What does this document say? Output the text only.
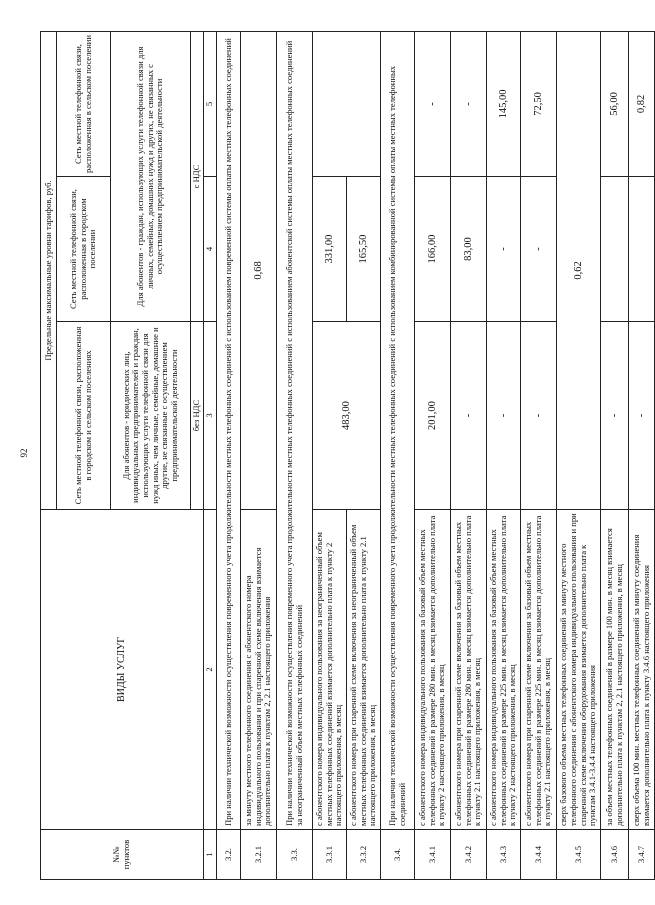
92
№№ пунктов	ВИДЫ УСЛУГ	Предельные максимальные уровни тарифов, руб.		
		Сеть местной телефонной связи, расположенная в городском и сельском поселениях	Сеть местной телефонной связи, расположенная в городском поселении	Сеть местной телефонной связи, расположенная в сельском поселении
		Для абонентов - юридических лиц, индивидуальных предпринимателей и граждан, использующих услуги телефонной связи для нужд иных, чем личные, семейные, домашние и другие, не связанные с осуществлением предпринимательской деятельности	Для абонентов - граждан, использующих услуги телефонной связи для личных, семейных, домашних нужд и других, не связанных с осуществлением предпринимательской деятельности	
		без НДС	с НДС	
1	2	3	4	5
3.2.	При наличии технической возможности осуществления повременного учета продолжительности местных телефонных соединений с использованием повременной системы оплаты местных телефонных соединений			
3.2.1	за минуту местного телефонного соединения с абонентского номера индивидуального пользования и при спаренной схеме включения взимается дополнительно плата к пунктам 2, 2.1 настоящего приложения	0,68		
3.3.	При наличии технической возможности осуществления повременного учета продолжительности местных телефонных соединений с использованием абонентской системы оплаты местных телефонных соединений за неограниченный объем местных телефонных соединений			
3.3.1	с абонентского номера индивидуального пользования за неограниченный объем местных телефонных соединений взимается дополнительно плата к пункту 2 настоящего приложения, в месяц	483,00	331,00	
3.3.2	с абонентского номера при спаренной схеме включения за неограниченный объем местных телефонных соединений взимается дополнительно плата к пункту 2.1 настоящего приложения, в месяц		165,50	
3.4.	При наличии технической возможности осуществления повременного учета продолжительности местных телефонных соединений с использованием комбинированной системы оплаты местных телефонных соединений			
3.4.1	с абонентского номера индивидуального пользования за базовый объем местных телефонных соединений в размере 280 мин. в месяц взимается дополнительно плата к пункту 2 настоящего приложения, в месяц	201,00	166,00	-
3.4.2	с абонентского номера при спаренной схеме включения за базовый объем местных телефонных соединений в размере 280 мин. в месяц взимается дополнительно плата к пункту 2.1 настоящего приложения, в месяц	-	83,00	-
3.4.3	с абонентского номера индивидуального пользования за базовый объем местных телефонных соединений в размере 225 мин. в месяц взимается дополнительно плата к пункту 2 настоящего приложения, в месяц	-	-	145,00
3.4.4	с абонентского номера при спаренной схеме включения за базовый объем местных телефонных соединений в размере 225 мин. в месяц взимается дополнительно плата к пункту 2.1 настоящего приложения, в месяц	-	-	72,50
3.4.5	сверх базового объема местных телефонных соединений за минуту местного телефонного соединения с абонентского номера индивидуального пользования и при спаренной схеме включения оборудования взимается дополнительно плата к пунктам 3.4.1-3.4.4 настоящего приложения	0,62		
3.4.6	за объем местных телефонных соединений в размере 100 мин. в месяц взимается дополнительно плата к пунктам 2, 2.1 настоящего приложения, в месяц	-		56,00
3.4.7	сверх объема 100 мин. местных телефонных соединений за минуту соединения взимается дополнительно плата к пункту 3.4.6 настоящего приложения	-		0,82
